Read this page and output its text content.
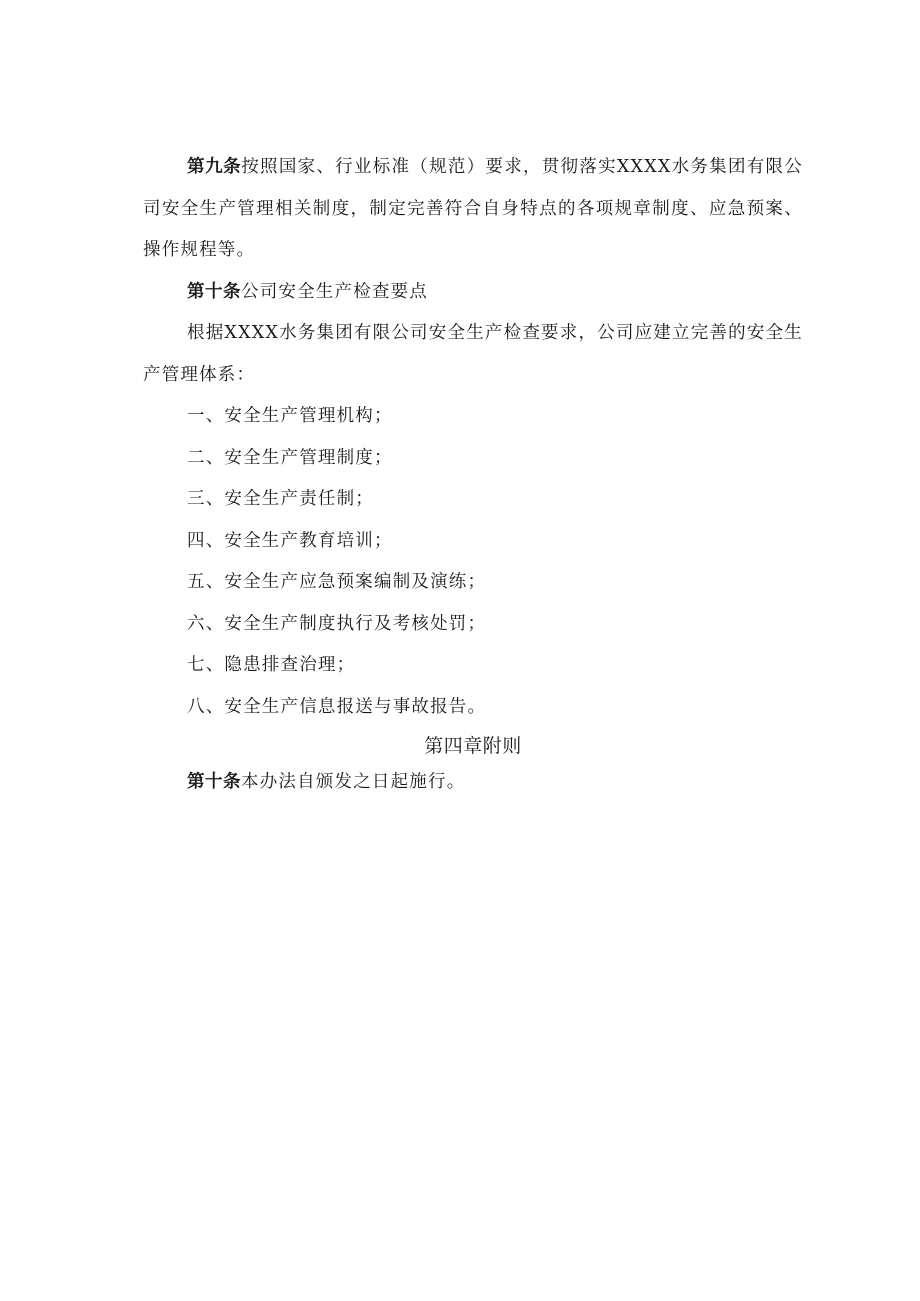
第九条按照国家、行业标准（规范）要求，贯彻落实XXXX水务集团有限公司安全生产管理相关制度，制定完善符合自身特点的各项规章制度、应急预案、操作规程等。

第十条公司安全生产检查要点

根据XXXX水务集团有限公司安全生产检查要求，公司应建立完善的安全生产管理体系：

一、安全生产管理机构；

二、安全生产管理制度；

三、安全生产责任制；

四、安全生产教育培训；

五、安全生产应急预案编制及演练；

六、安全生产制度执行及考核处罚；

七、隐患排查治理；

八、安全生产信息报送与事故报告。

第四章附则

第十条本办法自颁发之日起施行。
